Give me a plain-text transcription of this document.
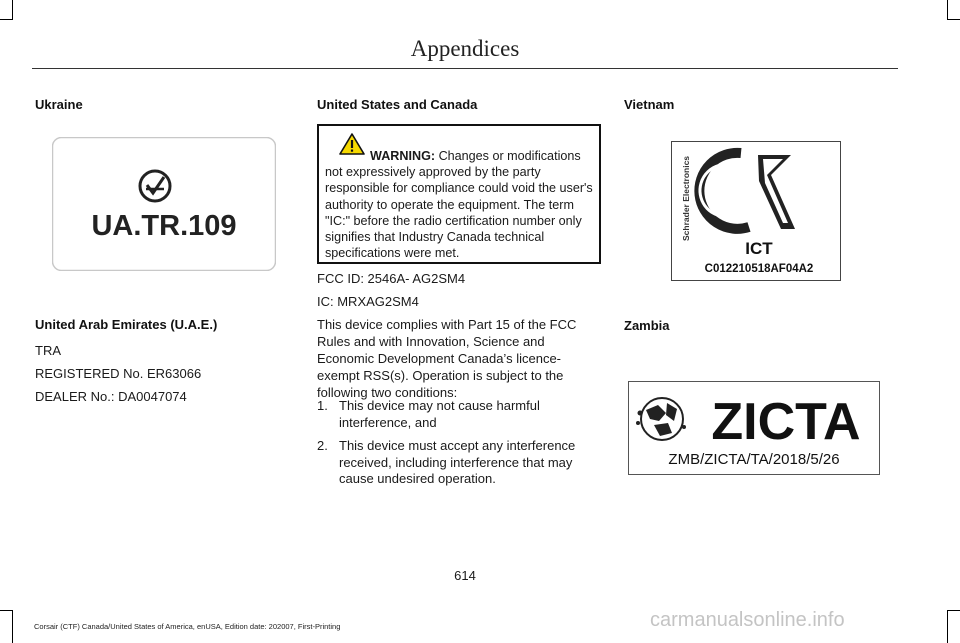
Appendices
Ukraine
UA.TR.109
United Arab Emirates (U.A.E.)
TRA
REGISTERED No. ER63066
DEALER No.: DA0047074
United States and Canada
WARNING: Changes or modifications not expressively approved by the party responsible for compliance could void the user's authority to operate the equipment. The term "IC:" before the radio certification number only signifies that Industry Canada technical specifications were met.
FCC ID: 2546A- AG2SM4
IC: MRXAG2SM4
This device complies with Part 15 of the FCC Rules and with Innovation, Science and Economic Development Canada’s licence-exempt RSS(s). Operation is subject to the following two conditions:
1. This device may not cause harmful interference, and
2. This device must accept any interference received, including interference that may cause undesired operation.
Vietnam
Schrader Electronics
ICT
C012210518AF04A2
Zambia
ZICTA
ZMB/ZICTA/TA/2018/5/26
614
Corsair (CTF) Canada/United States of America, enUSA, Edition date: 202007, First-Printing	carmanualsonline.info
